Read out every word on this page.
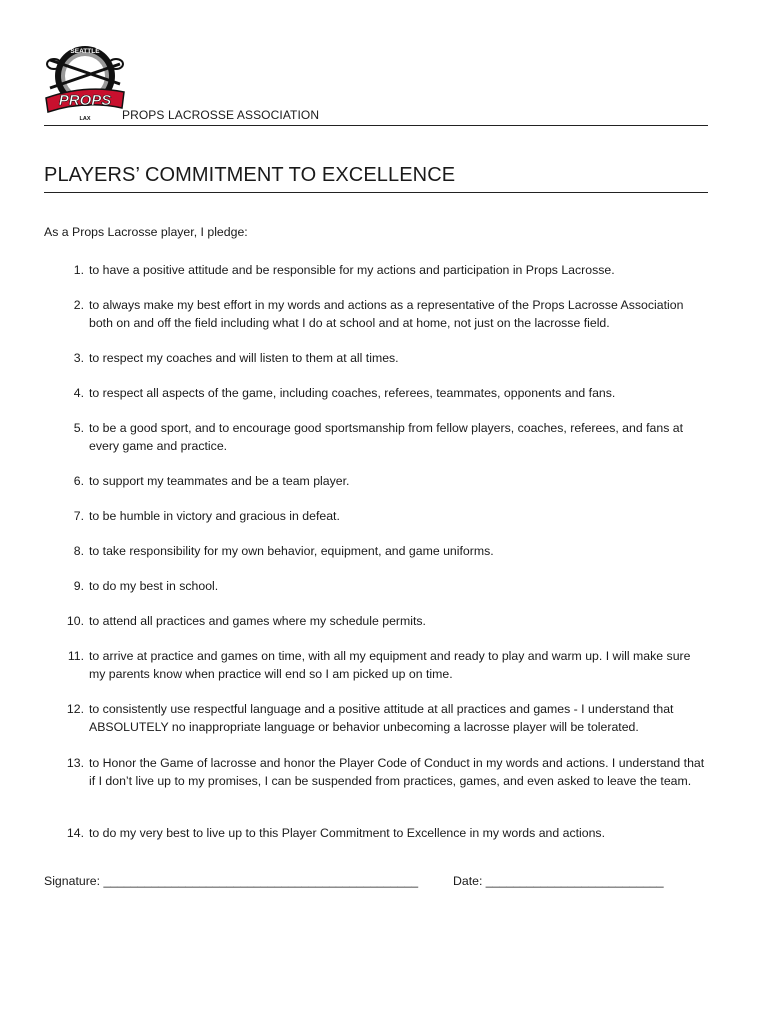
SEATTLE
PROPS
LAX	PROPS LACROSSE ASSOCIATION
PLAYERS’ COMMITMENT TO EXCELLENCE
As a Props Lacrosse player, I pledge:
1. to have a positive attitude and be responsible for my actions and participation in Props Lacrosse.
2. to always make my best effort in my words and actions as a representative of the Props Lacrosse Association both on and off the field including what I do at school and at home, not just on the lacrosse field.
3. to respect my coaches and will listen to them at all times.
4. to respect all aspects of the game, including coaches, referees, teammates, opponents and fans.
5. to be a good sport, and to encourage good sportsmanship from fellow players, coaches, referees, and fans at every game and practice.
6. to support my teammates and be a team player.
7. to be humble in victory and gracious in defeat.
8. to take responsibility for my own behavior, equipment, and game uniforms.
9. to do my best in school.
10. to attend all practices and games where my schedule permits.
11. to arrive at practice and games on time, with all my equipment and ready to play and warm up. I will make sure my parents know when practice will end so I am picked up on time.
12. to consistently use respectful language and a positive attitude at all practices and games - I understand that ABSOLUTELY no inappropriate language or behavior unbecoming a lacrosse player will be tolerated.
13. to Honor the Game of lacrosse and honor the Player Code of Conduct in my words and actions. I understand that if I don’t live up to my promises, I can be suspended from practices, games, and even asked to leave the team.
14. to do my very best to live up to this Player Commitment to Excellence in my words and actions.
Signature: ______________________________________________	Date: __________________________
